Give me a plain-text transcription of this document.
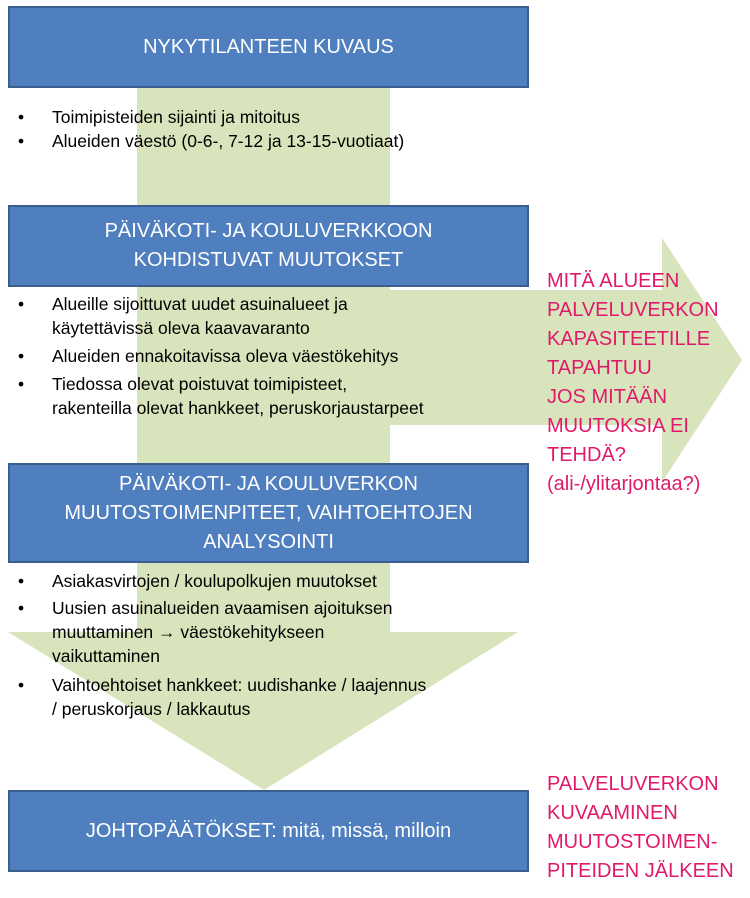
NYKYTILANTEEN KUVAUS
• Toimipisteiden sijainti ja mitoitus
• Alueiden väestö (0-6-, 7-12 ja 13-15-vuotiaat)
PÄIVÄKOTI- JA KOULUVERKKOON
KOHDISTUVAT MUUTOKSET
• Alueille sijoittuvat uudet asuinalueet ja
käytettävissä oleva kaavavaranto
• Alueiden ennakoitavissa oleva väestökehitys
• Tiedossa olevat poistuvat toimipisteet,
rakenteilla olevat hankkeet, peruskorjaustarpeet
PÄIVÄKOTI- JA KOULUVERKON
MUUTOSTOIMENPITEET, VAIHTOEHTOJEN
ANALYSOINTI
• Asiakasvirtojen / koulupolkujen muutokset
• Uusien asuinalueiden avaamisen ajoituksen
muuttaminen → väestökehitykseen
vaikuttaminen
• Vaihtoehtoiset hankkeet: uudishanke / laajennus
/ peruskorjaus / lakkautus
JOHTOPÄÄTÖKSET: mitä, missä, milloin
MITÄ ALUEEN
PALVELUVERKON
KAPASITEETILLE
TAPAHTUU
JOS MITÄÄN
MUUTOKSIA EI
TEHDÄ?
(ali-/ylitarjontaa?)
PALVELUVERKON
KUVAAMINEN
MUUTOSTOIMEN-
PITEIDEN JÄLKEEN
